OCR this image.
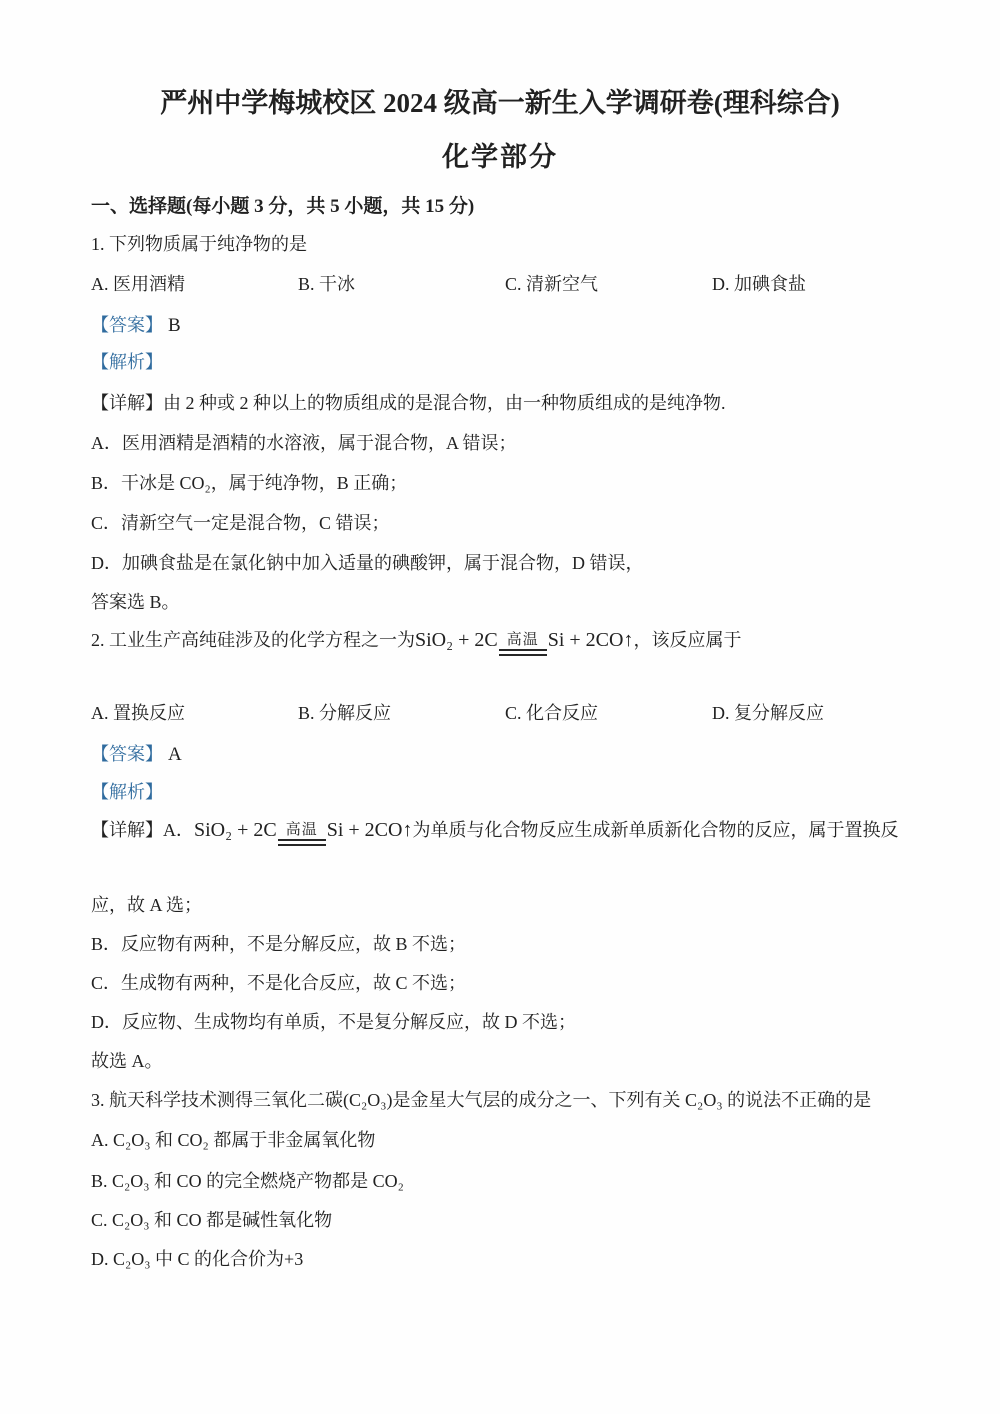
严州中学梅城校区 2024 级高一新生入学调研卷(理科综合)
化学部分

一、选择题(每小题 3 分，共 5 小题，共 15 分)

1. 下列物质属于纯净物的是

A. 医用酒精	B. 干冰	C. 清新空气	D. 加碘食盐

【答案】 B

【解析】

【详解】由 2 种或 2 种以上的物质组成的是混合物，由一种物质组成的是纯净物.

A．医用酒精是酒精的水溶液，属于混合物，A 错误；

B．干冰是 CO₂，属于纯净物，B 正确；

C．清新空气一定是混合物，C 错误；

D．加碘食盐是在氯化钠中加入适量的碘酸钾，属于混合物，D 错误，

答案选 B。

2. 工业生产高纯硅涉及的化学方程之一为SiO₂ + 2C 高温 Si + 2CO↑，该反应属于

A. 置换反应	B. 分解反应	C. 化合反应	D. 复分解反应

【答案】 A

【解析】

【详解】A．SiO₂ + 2C 高温 Si + 2CO↑为单质与化合物反应生成新单质新化合物的反应，属于置换反

应，故 A 选；

B．反应物有两种，不是分解反应，故 B 不选；

C．生成物有两种，不是化合反应，故 C 不选；

D．反应物、生成物均有单质，不是复分解反应，故 D 不选；

故选 A。

3. 航天科学技术测得三氧化二碳(C₂O₃)是金星大气层的成分之一、下列有关 C₂O₃ 的说法不正确的是

A. C₂O₃ 和 CO₂ 都属于非金属氧化物

B. C₂O₃ 和 CO 的完全燃烧产物都是 CO₂

C. C₂O₃ 和 CO 都是碱性氧化物

D. C₂O₃ 中 C 的化合价为+3
